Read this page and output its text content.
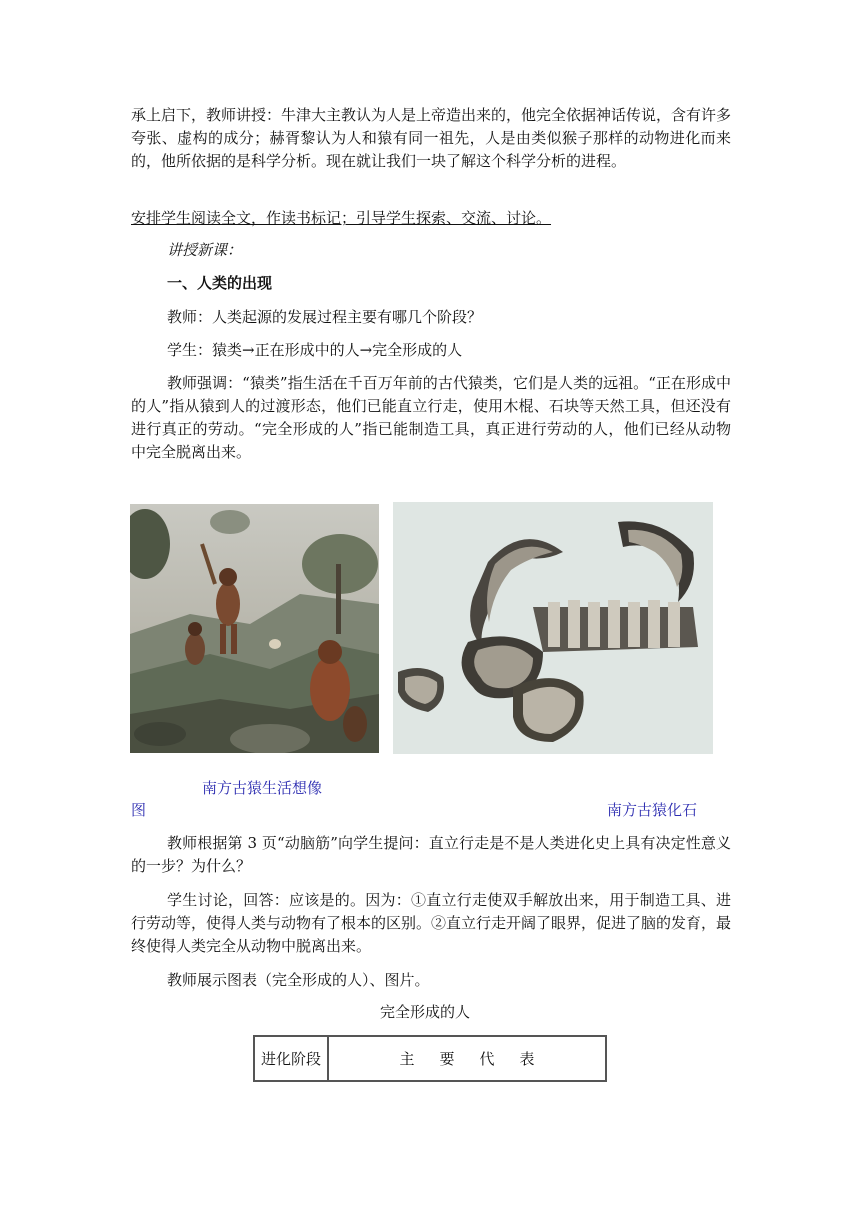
承上启下，教师讲授：牛津大主教认为人是上帝造出来的，他完全依据神话传说，含有许多夸张、虚构的成分；赫胥黎认为人和猿有同一祖先，人是由类似猴子那样的动物进化而来的，他所依据的是科学分析。现在就让我们一块了解这个科学分析的进程。

安排学生阅读全文，作读书标记；引导学生探索、交流、讨论。

讲授新课：

一、人类的出现

教师：人类起源的发展过程主要有哪几个阶段？

学生：猿类→正在形成中的人→完全形成的人

教师强调：“猿类”指生活在千百万年前的古代猿类，它们是人类的远祖。“正在形成中的人”指从猿到人的过渡形态，他们已能直立行走，使用木棍、石块等天然工具，但还没有进行真正的劳动。“完全形成的人”指已能制造工具，真正进行劳动的人，他们已经从动物中完全脱离出来。

南方古猿生活想像
图	南方古猿化石

教师根据第 3 页“动脑筋”向学生提问：直立行走是不是人类进化史上具有决定性意义的一步？为什么？

学生讨论，回答：应该是的。因为：①直立行走使双手解放出来，用于制造工具、进行劳动等，使得人类与动物有了根本的区别。②直立行走开阔了眼界，促进了脑的发育，最终使得人类完全从动物中脱离出来。

教师展示图表（完全形成的人）、图片。

完全形成的人
进化阶段	主要代表
